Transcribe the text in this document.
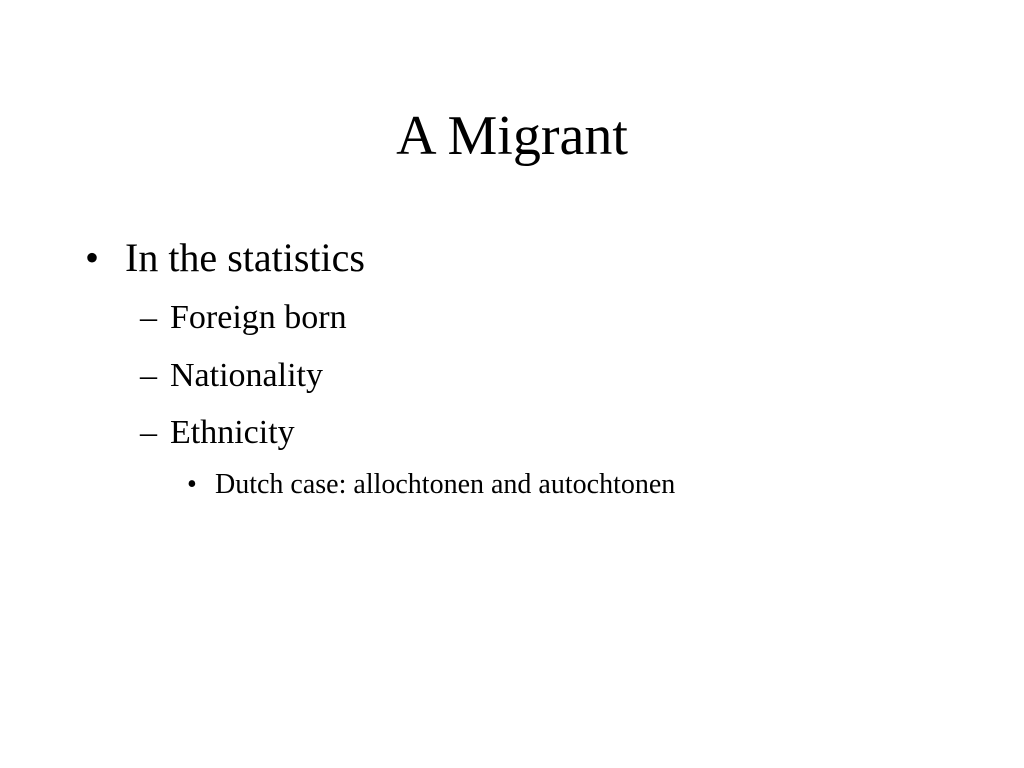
A Migrant
• In the statistics
– Foreign born
– Nationality
– Ethnicity
• Dutch case: allochtonen and autochtonen
